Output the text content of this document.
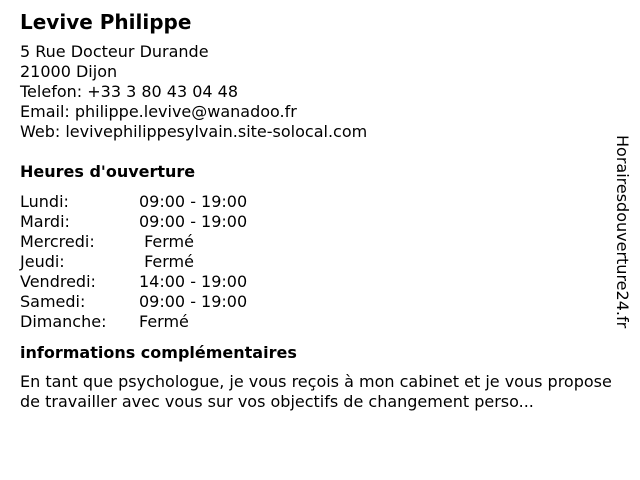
Levive Philippe
5 Rue Docteur Durande
21000 Dijon
Telefon: +33 3 80 43 04 48
Email: philippe.levive@wanadoo.fr
Web: levivephilippesylvain.site-solocal.com
Heures d'ouverture
Lundi:	09:00 - 19:00
Mardi:	09:00 - 19:00
Mercredi:	Fermé
Jeudi:	Fermé
Vendredi:	14:00 - 19:00
Samedi:	09:00 - 19:00
Dimanche:	Fermé
informations complémentaires
En tant que psychologue, je vous reçois à mon cabinet et je vous propose de travailler avec vous sur vos objectifs de changement perso...
Horairesdouverture24.fr
